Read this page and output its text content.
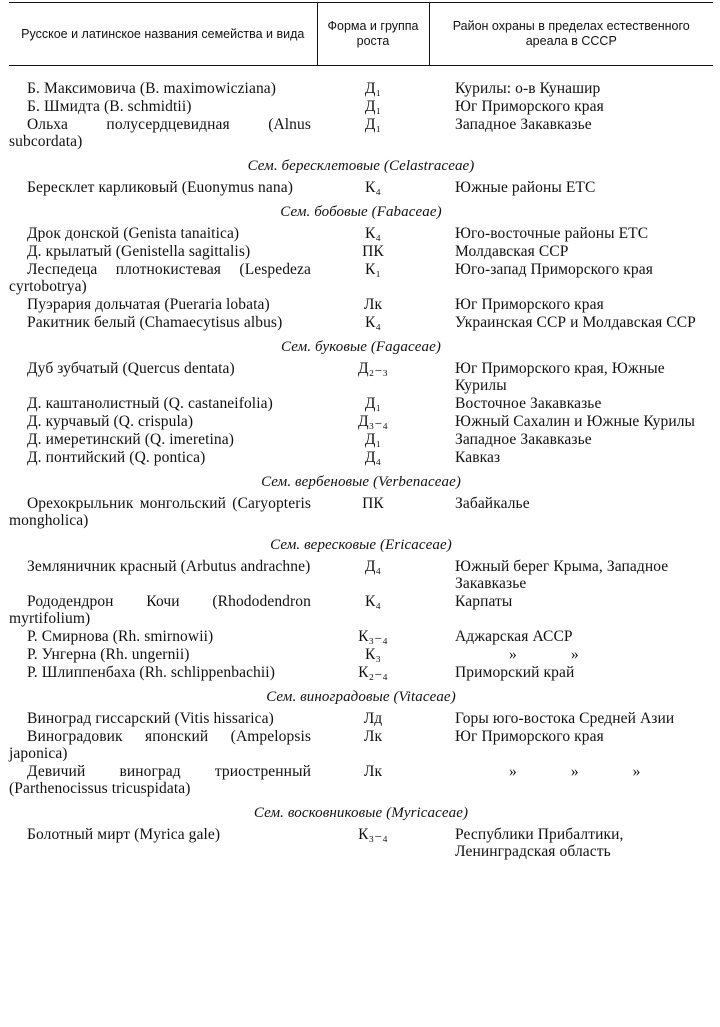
Русское и латинское названия семейства и вида	Форма и группа роста	Район охраны в пределах естественного ареала в СССР

Б. Максимовича (B. maximowicziana)	Д₁	Курилы: о-в Кунашир

Б. Шмидта (B. schmidtii)	Д₁	Юг Приморского края

Ольха полусердцевидная (Alnus subcordata)	Д₁	Западное Закавказье
Сем. бересклетовые (Celastraceae)		

Бересклет карликовый (Euonymus nana)	К₄	Южные районы ЕТС
Сем. бобовые (Fabaceae)		

Дрок донской (Genista tanaitica)	К₄	Юго-восточные районы ЕТС

Д. крылатый (Genistella sagittalis)	ПК	Молдавская ССР

Леспедеца плотнокистевая (Lespedeza cyrtobotrya)	К₁	Юго-запад Приморского края

Пуэрария дольчатая (Pueraria lobata)	Лк	Юг Приморского края

Ракитник белый (Chamaecytisus albus)	К₄	Украинская ССР и Молдавская ССР
Сем. буковые (Fagaceae)		

Дуб зубчатый (Quercus dentata)	Д₂₋₃	Юг Приморского края, Южные Курилы

Д. каштанолистный (Q. castaneifolia)	Д₁	Восточное Закавказье

Д. курчавый (Q. crispula)	Д₃₋₄	Южный Сахалин и Южные Курилы

Д. имеретинский (Q. imeretina)	Д₁	Западное Закавказье

Д. понтийский (Q. pontica)	Д₄	Кавказ
Сем. вербеновые (Verbenaceae)		

Орехокрыльник монгольский (Caryopteris mongholica)	ПК	Забайкалье
Сем. вересковые (Ericaceae)		

Земляничник красный (Arbutus andrachne)	Д₄	Южный берег Крыма, Западное Закавказье

Рододендрон Кочи (Rhododendron myrtifolium)	К₄	Карпаты

Р. Смирнова (Rh. smirnowii)	К₃₋₄	Аджарская АССР

Р. Унгерна (Rh. ungernii)	К₃	» »

Р. Шлиппенбаха (Rh. schlippenbachii)	К₂₋₄	Приморский край
Сем. виноградовые (Vitaceae)		

Виноград гиссарский (Vitis hissarica)	Лд	Горы юго-востока Средней Азии

Виноградовик японский (Ampelopsis japonica)	Лк	Юг Приморского края

Девичий виноград триостренный (Parthenocissus tricuspidata)	Лк	» » »
Сем. восковниковые (Myricaceae)		

Болотный мирт (Myrica gale)	К₃₋₄	Республики Прибалтики, Ленинградская область
